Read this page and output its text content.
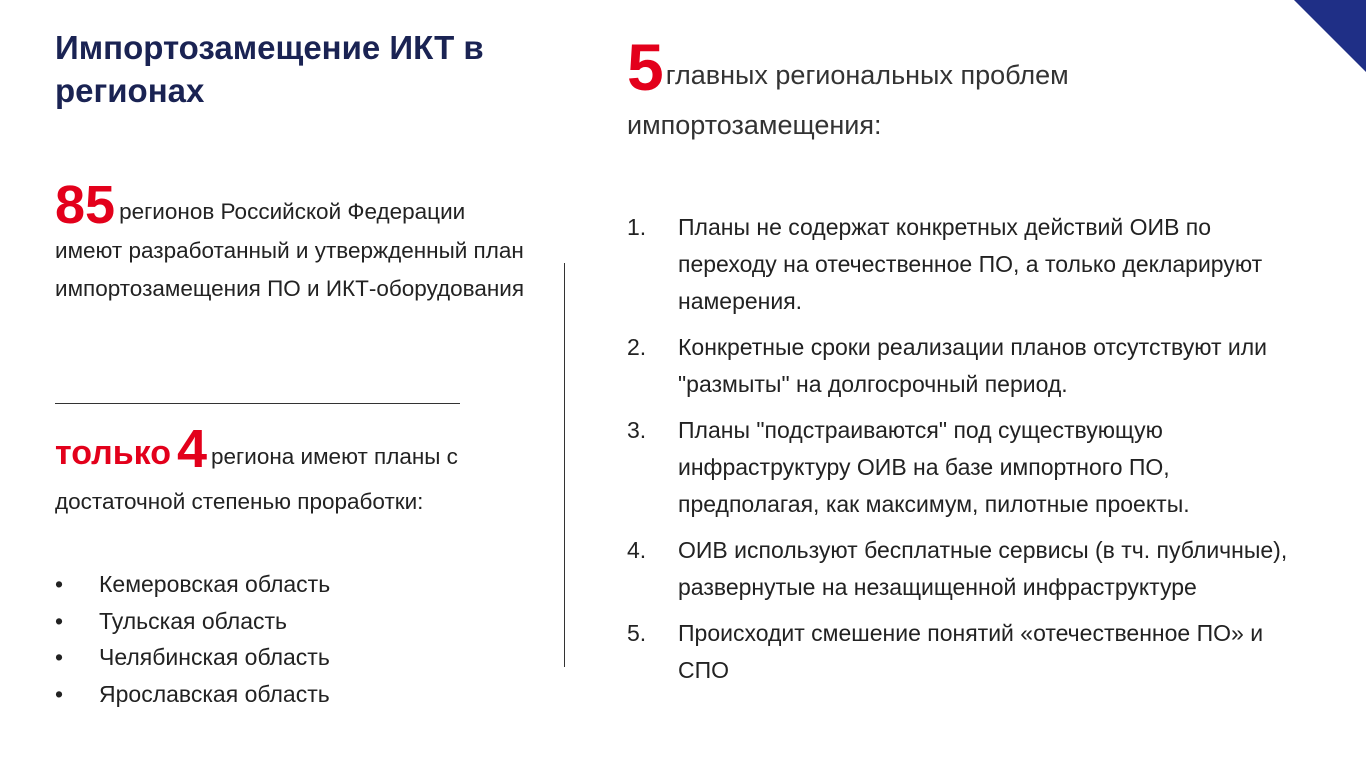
Импортозамещение ИКТ в регионах
85 регионов Российской Федерации имеют разработанный и утвержденный план импортозамещения ПО и ИКТ-оборудования
только 4 региона имеют планы с
достаточной степенью проработки:
• Кемеровская область
• Тульская область
• Челябинская область
• Ярославская область
5главных региональных проблем
импортозамещения:
1. Планы не содержат конкретных действий ОИВ по переходу на отечественное ПО, а только декларируют намерения.
2. Конкретные сроки реализации планов отсутствуют или "размыты" на долгосрочный период.
3. Планы "подстраиваются" под существующую инфраструктуру ОИВ на базе импортного ПО, предполагая, как максимум, пилотные проекты.
4. ОИВ используют бесплатные сервисы (в тч. публичные), развернутые на незащищенной инфраструктуре
5. Происходит смешение понятий «отечественное ПО» и СПО
